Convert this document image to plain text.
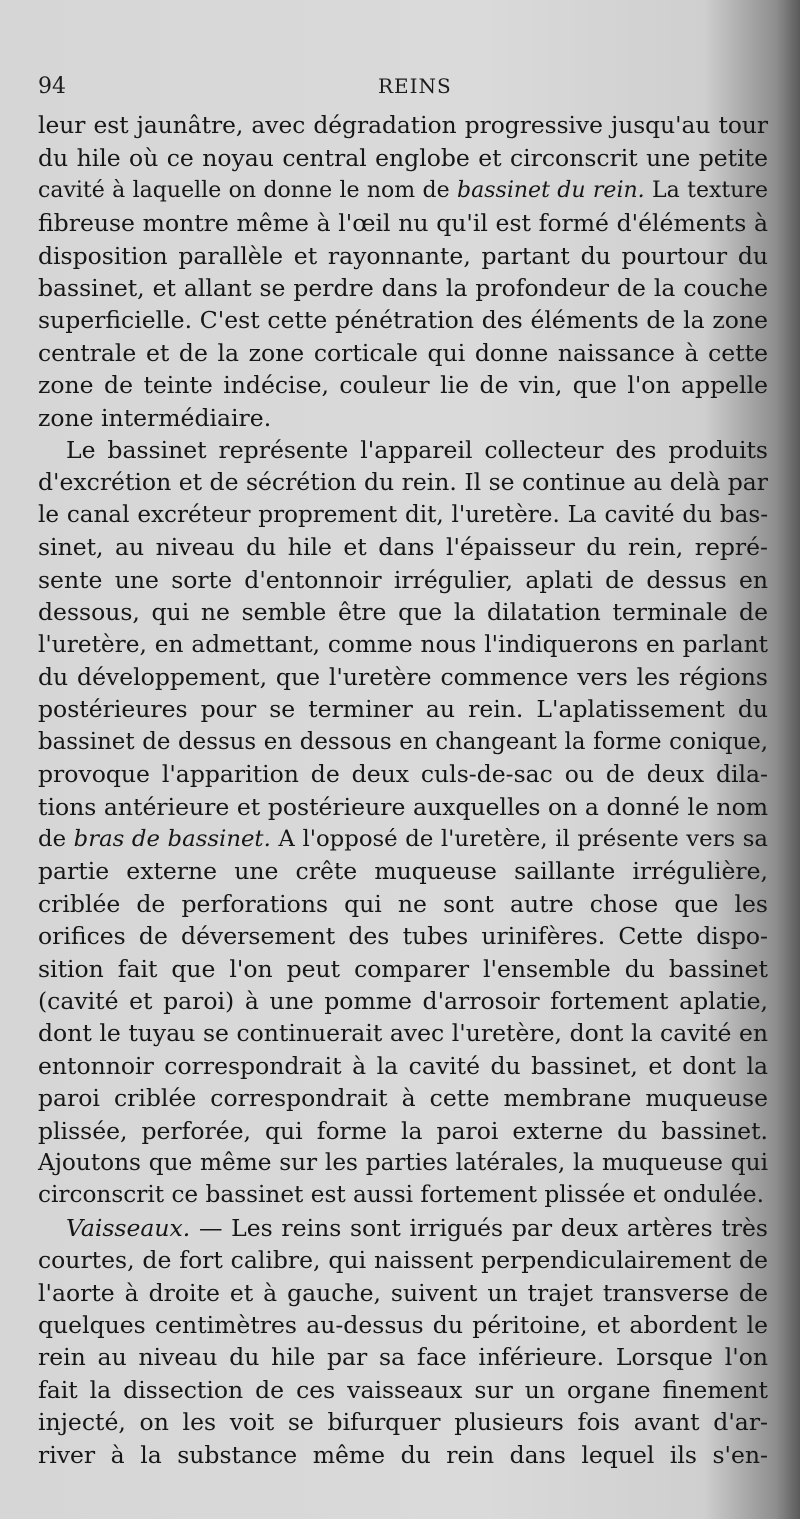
94	REINS
leur est jaunâtre, avec dégradation progressive jusqu'au tour
du hile où ce noyau central englobe et circonscrit une petite
cavité à laquelle on donne le nom de bassinet du rein. La texture
fibreuse montre même à l'œil nu qu'il est formé d'éléments à
disposition parallèle et rayonnante, partant du pourtour du
bassinet, et allant se perdre dans la profondeur de la couche
superficielle. C'est cette pénétration des éléments de la zone
centrale et de la zone corticale qui donne naissance à cette
zone de teinte indécise, couleur lie de vin, que l'on appelle
zone intermédiaire.
Le bassinet représente l'appareil collecteur des produits
d'excrétion et de sécrétion du rein. Il se continue au delà par
le canal excréteur proprement dit, l'uretère. La cavité du bas-
sinet, au niveau du hile et dans l'épaisseur du rein, repré-
sente une sorte d'entonnoir irrégulier, aplati de dessus en
dessous, qui ne semble être que la dilatation terminale de
l'uretère, en admettant, comme nous l'indiquerons en parlant
du développement, que l'uretère commence vers les régions
postérieures pour se terminer au rein. L'aplatissement du
bassinet de dessus en dessous en changeant la forme conique,
provoque l'apparition de deux culs-de-sac ou de deux dila-
tions antérieure et postérieure auxquelles on a donné le nom
de bras de bassinet. A l'opposé de l'uretère, il présente vers sa
partie externe une crête muqueuse saillante irrégulière,
criblée de perforations qui ne sont autre chose que les
orifices de déversement des tubes urinifères. Cette dispo-
sition fait que l'on peut comparer l'ensemble du bassinet
(cavité et paroi) à une pomme d'arrosoir fortement aplatie,
dont le tuyau se continuerait avec l'uretère, dont la cavité en
entonnoir correspondrait à la cavité du bassinet, et dont la
paroi criblée correspondrait à cette membrane muqueuse
plissée, perforée, qui forme la paroi externe du bassinet.
Ajoutons que même sur les parties latérales, la muqueuse qui
circonscrit ce bassinet est aussi fortement plissée et ondulée.
Vaisseaux. — Les reins sont irrigués par deux artères très
courtes, de fort calibre, qui naissent perpendiculairement de
l'aorte à droite et à gauche, suivent un trajet transverse de
quelques centimètres au-dessus du péritoine, et abordent le
rein au niveau du hile par sa face inférieure. Lorsque l'on
fait la dissection de ces vaisseaux sur un organe finement
injecté, on les voit se bifurquer plusieurs fois avant d'ar-
river à la substance même du rein dans lequel ils s'en-
